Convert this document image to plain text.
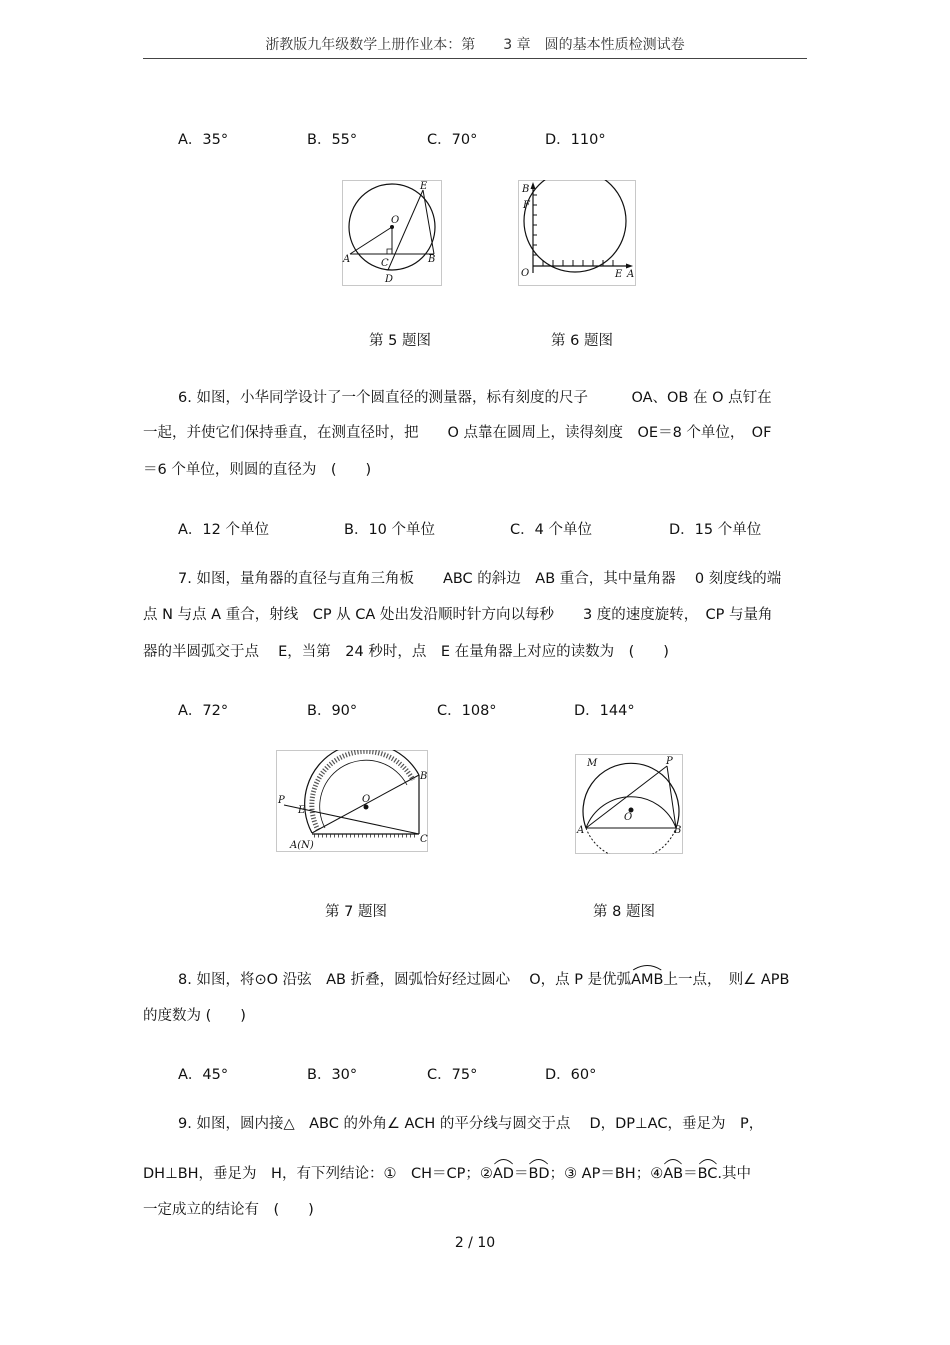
浙教版九年级数学上册作业本：第　　3 章　圆的基本性质检测试卷
A．35°	B．55°	C．70°	D．110°
O
E
A	C	B
D
B
F
O	E A
第 5 题图	第 6 题图
6. 如图，小华同学设计了一个圆直径的测量器，标有刻度的尺子　　　OA、OB 在 O 点钉在
一起，并使它们保持垂直，在测直径时，把　　O 点靠在圆周上，读得刻度　OE＝8 个单位，　OF
＝6 个单位，则圆的直径为　(　　)
A．12 个单位	B．10 个单位	C．4 个单位	D．15 个单位
7. 如图，量角器的直径与直角三角板　　ABC 的斜边　AB 重合，其中量角器　 0 刻度线的端
点 N 与点 A 重合，射线　CP 从 CA 处出发沿顺时针方向以每秒　　3 度的速度旋转，　CP 与量角
器的半圆弧交于点　 E，当第　24 秒时，点　E 在量角器上对应的读数为　(　　)
A．72°	B．90°	C．108°	D．144°
B
P
E
O
A(N)
C
M	P
O
A	B
第 7 题图	第 8 题图
8. 如图，将⊙O 沿弦　AB 折叠，圆弧恰好经过圆心　 O，点 P 是优弧
AMB上一点，　则∠ APB
的度数为 (　　)
A．45°	B．30°	C．75°	D．60°
9. 如图，圆内接△　ABC 的外角∠ ACH 的平分线与圆交于点　 D，DP⊥AC，垂足为　P，
DH⊥BH，垂足为　H，有下列结论：①　CH＝CP；②
AD＝
BD；③ AP＝BH；④
AB＝
BC.其中
一定成立的结论有　(　　)
2 / 10
